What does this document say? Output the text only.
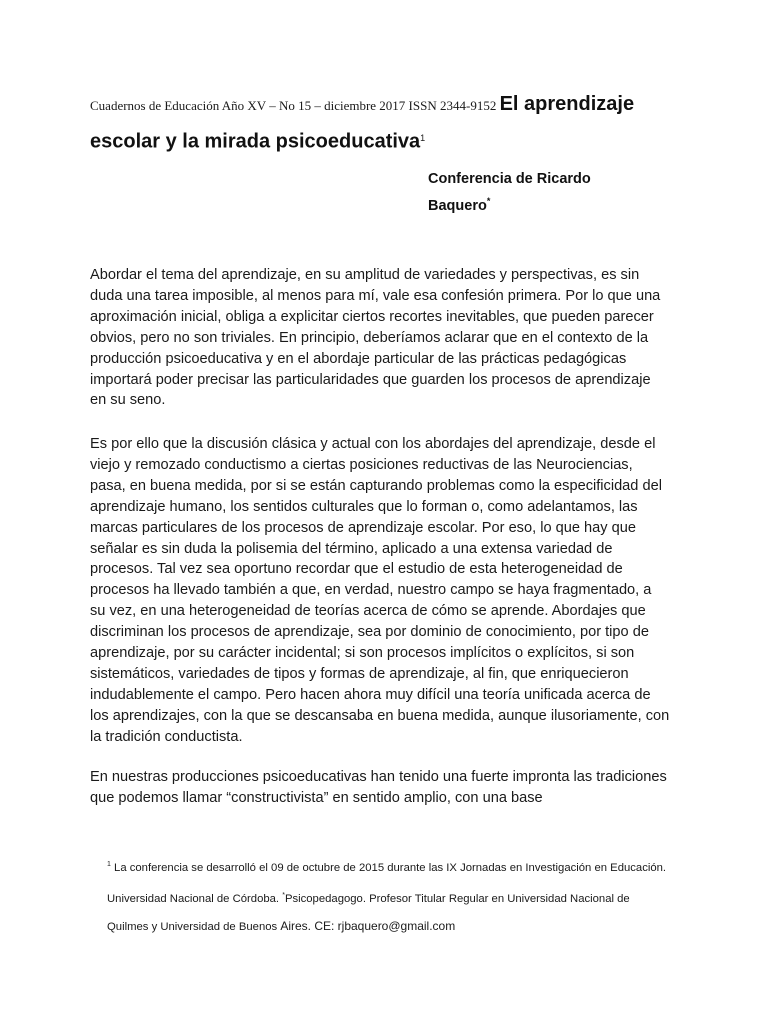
Cuadernos de Educación Año XV – No 15 – diciembre 2017 ISSN 2344-9152 El aprendizaje
escolar y la mirada psicoeducativa$^1$
Conferencia de Ricardo
Baquero*

Abordar el tema del aprendizaje, en su amplitud de variedades y perspectivas, es sin duda una tarea imposible, al menos para mí, vale esa confesión primera. Por lo que una aproximación inicial, obliga a explicitar ciertos recortes inevitables, que pueden parecer obvios, pero no son triviales. En principio, deberíamos aclarar que en el contexto de la producción psicoeducativa y en el abordaje particular de las prácticas pedagógicas importará poder precisar las particularidades que guarden los procesos de aprendizaje en su seno.

Es por ello que la discusión clásica y actual con los abordajes del aprendizaje, desde el viejo y remozado conductismo a ciertas posiciones reductivas de las Neurociencias, pasa, en buena medida, por si se están capturando problemas como la especificidad del aprendizaje humano, los sentidos culturales que lo forman o, como adelantamos, las marcas particulares de los procesos de aprendizaje escolar. Por eso, lo que hay que señalar es sin duda la polisemia del término, aplicado a una extensa variedad de procesos. Tal vez sea oportuno recordar que el estudio de esta heterogeneidad de procesos ha llevado también a que, en verdad, nuestro campo se haya fragmentado, a su vez, en una heterogeneidad de teorías acerca de cómo se aprende. Abordajes que discriminan los procesos de aprendizaje, sea por dominio de conocimiento, por tipo de aprendizaje, por su carácter incidental; si son procesos implícitos o explícitos, si son sistemáticos, variedades de tipos y formas de aprendizaje, al fin, que enriquecieron indudablemente el campo. Pero hacen ahora muy difícil una teoría unificada acerca de los aprendizajes, con la que se descansaba en buena medida, aunque ilusoriamente, con la tradición conductista.

En nuestras producciones psicoeducativas han tenido una fuerte impronta las tradiciones que podemos llamar “constructivista” en sentido amplio, con una base

$^1$ La conferencia se desarrolló el 09 de octubre de 2015 durante las IX Jornadas en Investigación en Educación. Universidad Nacional de Córdoba. *Psicopedagogo. Profesor Titular Regular en Universidad Nacional de Quilmes y Universidad de Buenos Aires. CE: rjbaquero@gmail.com
